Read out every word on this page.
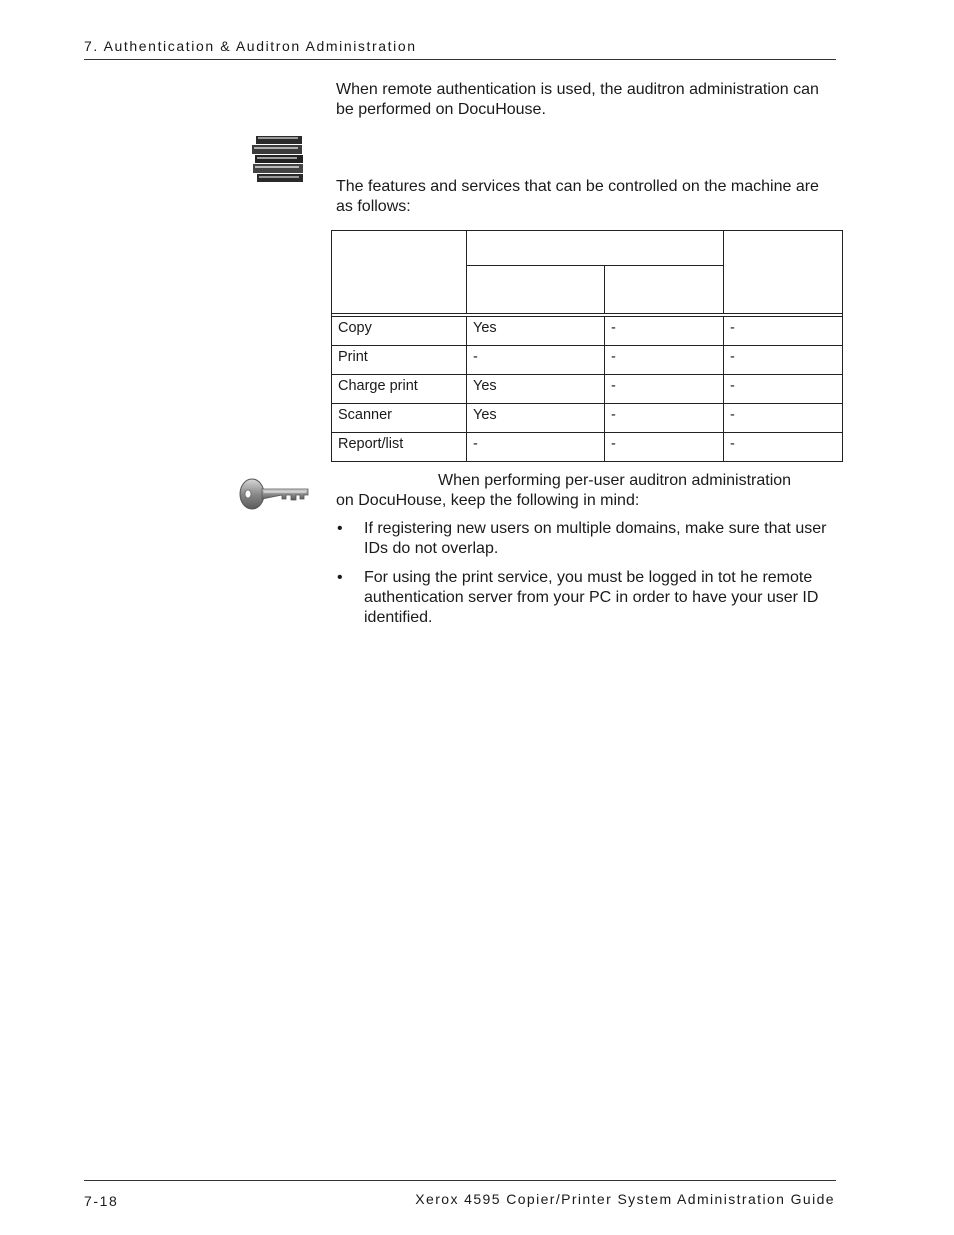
7. Authentication & Auditron Administration

When remote authentication is used, the auditron administration can be performed on DocuHouse.

The features and services that can be controlled on the machine are as follows:

Copy	Yes	-	-
Print	-	-	-
Charge print	Yes	-	-
Scanner	Yes	-	-
Report/list	-	-	-

When performing per-user auditron administration
on DocuHouse, keep the following in mind:

• If registering new users on multiple domains, make sure that user IDs do not overlap.
• For using the print service, you must be logged in tot he remote authentication server from your PC in order to have your user ID identified.
7-18	Xerox 4595 Copier/Printer System Administration Guide
